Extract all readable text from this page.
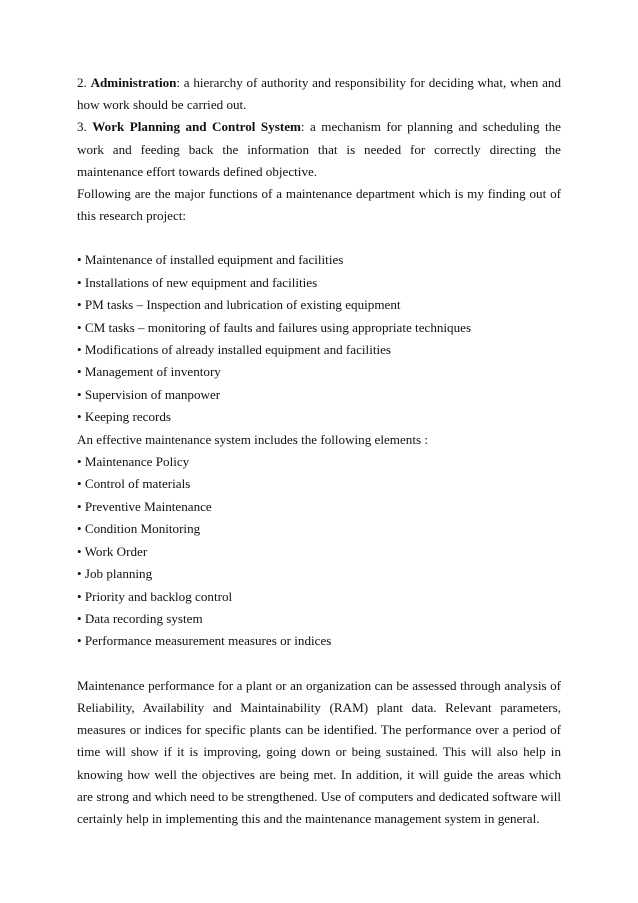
2. Administration: a hierarchy of authority and responsibility for deciding what, when and how work should be carried out.

3. Work Planning and Control System: a mechanism for planning and scheduling the work and feeding back the information that is needed for correctly directing the maintenance effort towards defined objective.

Following are the major functions of a maintenance department which is my finding out of this research project:

• Maintenance of installed equipment and facilities
• Installations of new equipment and facilities
• PM tasks – Inspection and lubrication of existing equipment
• CM tasks – monitoring of faults and failures using appropriate techniques
• Modifications of already installed equipment and facilities
• Management of inventory
• Supervision of manpower
• Keeping records
An effective maintenance system includes the following elements :
• Maintenance Policy
• Control of materials
• Preventive Maintenance
• Condition Monitoring
• Work Order
• Job planning
• Priority and backlog control
• Data recording system
• Performance measurement measures or indices

Maintenance performance for a plant or an organization can be assessed through analysis of Reliability, Availability and Maintainability (RAM) plant data. Relevant parameters, measures or indices for specific plants can be identified. The performance over a period of time will show if it is improving, going down or being sustained. This will also help in knowing how well the objectives are being met. In addition, it will guide the areas which are strong and which need to be strengthened. Use of computers and dedicated software will certainly help in implementing this and the maintenance management system in general.
